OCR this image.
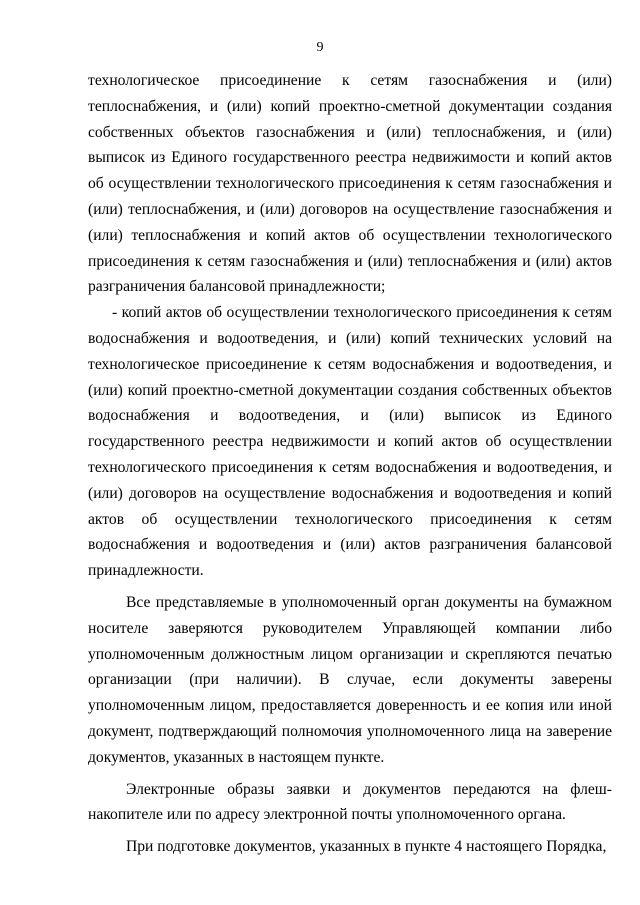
9

технологическое присоединение к сетям газоснабжения и (или) теплоснабжения, и (или) копий проектно-сметной документации создания собственных объектов газоснабжения и (или) теплоснабжения, и (или) выписок из Единого государственного реестра недвижимости и копий актов об осуществлении технологического присоединения к сетям газоснабжения и (или) теплоснабжения, и (или) договоров на осуществление газоснабжения и (или) теплоснабжения и копий актов об осуществлении технологического присоединения к сетям газоснабжения и (или) теплоснабжения и (или) актов разграничения балансовой принадлежности;

- копий актов об осуществлении технологического присоединения к сетям водоснабжения и водоотведения, и (или) копий технических условий на технологическое присоединение к сетям водоснабжения и водоотведения, и (или) копий проектно-сметной документации создания собственных объектов водоснабжения и водоотведения, и (или) выписок из Единого государственного реестра недвижимости и копий актов об осуществлении технологического присоединения к сетям водоснабжения и водоотведения, и (или) договоров на осуществление водоснабжения и водоотведения и копий актов об осуществлении технологического присоединения к сетям водоснабжения и водоотведения и (или) актов разграничения балансовой принадлежности.

Все представляемые в уполномоченный орган документы на бумажном носителе заверяются руководителем Управляющей компании либо уполномоченным должностным лицом организации и скрепляются печатью организации (при наличии). В случае, если документы заверены уполномоченным лицом, предоставляется доверенность и ее копия или иной документ, подтверждающий полномочия уполномоченного лица на заверение документов, указанных в настоящем пункте.

Электронные образы заявки и документов передаются на флеш-накопителе или по адресу электронной почты уполномоченного органа.

При подготовке документов, указанных в пункте 4 настоящего Порядка,
